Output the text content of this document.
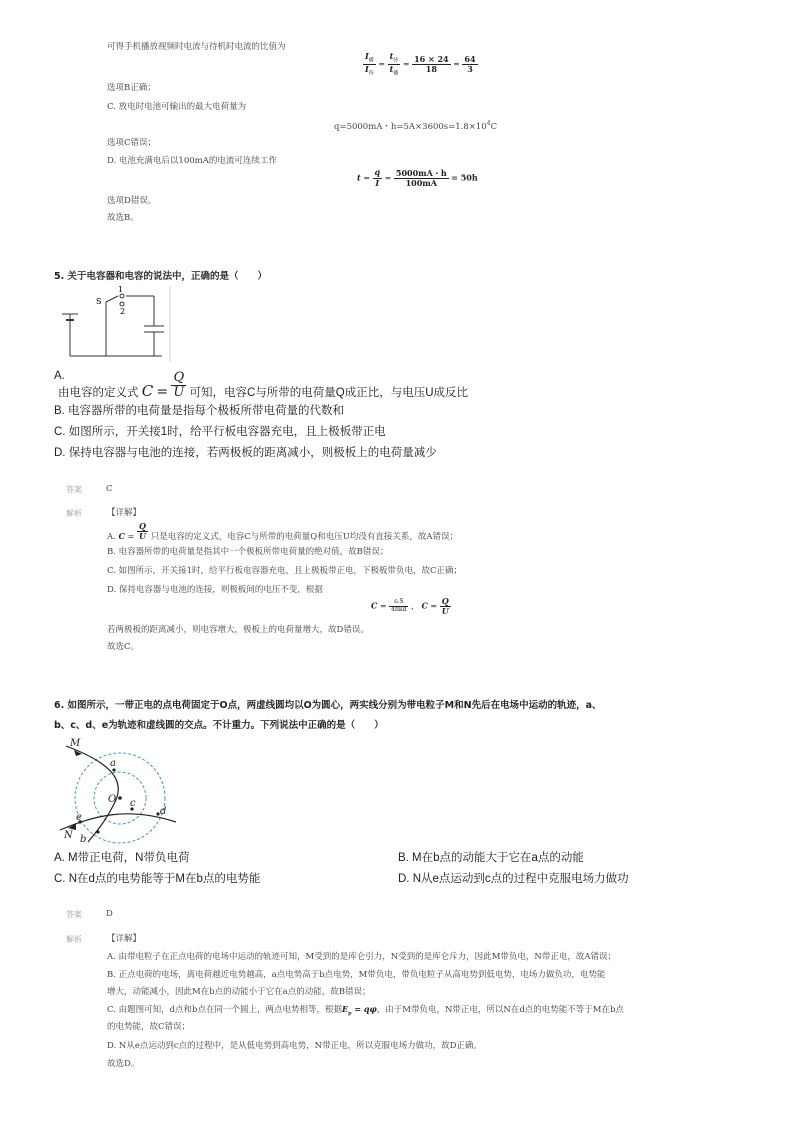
可得手机播放视频时电流与待机时电流的比值为
$\frac{I_播}{I_待} = \frac{t_待}{t_播} = \frac{16 \times 24}{18} = \frac{64}{3}$
选项B正确；
C. 放电时电池可输出的最大电荷量为
q=5000mA・$h=5A\times 3600s=1.8\times 10^4C$
选项C错误；
D. 电池充满电后以100mA的电流可连续工作
$t = \frac{q}{I} = \frac{5000mA・h}{100mA} = 50h$
选项D错误。
故选B。
5. 关于电容器和电容的说法中，正确的是（　　）
S
1
2
A.
由电容的定义式 $C = \frac{Q}{U}$ 可知，电容C与所带的电荷量Q成正比，与电压U成反比
B. 电容器所带的电荷量是指每个极板所带电荷量的代数和
C. 如图所示，开关接1时，给平行板电容器充电，且上极板带正电
D. 保持电容器与电池的连接，若两极板的距离减小，则极板上的电荷量减少
答案	C
解析	【详解】
A. $C = \frac{Q}{U}$ 只是电容的定义式，电容C与所带的电荷量Q和电压U均没有直接关系，故A错误；
B. 电容器所带的电荷量是指其中一个极板所带电荷量的绝对值，故B错误；
C. 如图所示，开关接1时，给平行板电容器充电，且上极板带正电，下极板带负电，故C正确；
D. 保持电容器与电池的连接，则极板间的电压不变，根据
$C = \frac{\text{εᵣS}}{\text{4πkd}}$ ， $C = \frac{Q}{U}$
若两极板的距离减小，则电容增大，极板上的电荷量增大，故D错误。
故选C。
6. 如图所示，一带正电的点电荷固定于O点，两虚线圆均以O为圆心，两实线分别为带电粒子M和N先后在电场中运动的轨迹，a、
b、c、d、e为轨迹和虚线圆的交点。不计重力。下列说法中正确的是（　　）
M
N
O
a
c
d
e
b
A. M带正电荷，N带负电荷	B. M在b点的动能大于它在a点的动能
C. N在d点的电势能等于M在b点的电势能	D. N从e点运动到c点的过程中克服电场力做功
答案	D
解析	【详解】
A. 由带电粒子在正点电荷的电场中运动的轨迹可知，M受到的是库仑引力，N受到的是库仑斥力，因此M带负电，N带正电，故A错误；
B. 正点电荷的电场，离电荷越近电势越高，a点电势高于b点电势，M带负电，带负电粒子从高电势到低电势，电场力做负功，电势能
增大，动能减小，因此M在b点的动能小于它在a点的动能，故B错误；
C. 由题图可知，d点和b点在同一个圆上，两点电势相等，根据$E_p = q\varphi$，由于M带负电，N带正电，所以N在d点的电势能不等于M在b点
的电势能，故C错误；
D. N从e点运动到c点的过程中，是从低电势到高电势，N带正电，所以克服电场力做功，故D正确。
故选D。
